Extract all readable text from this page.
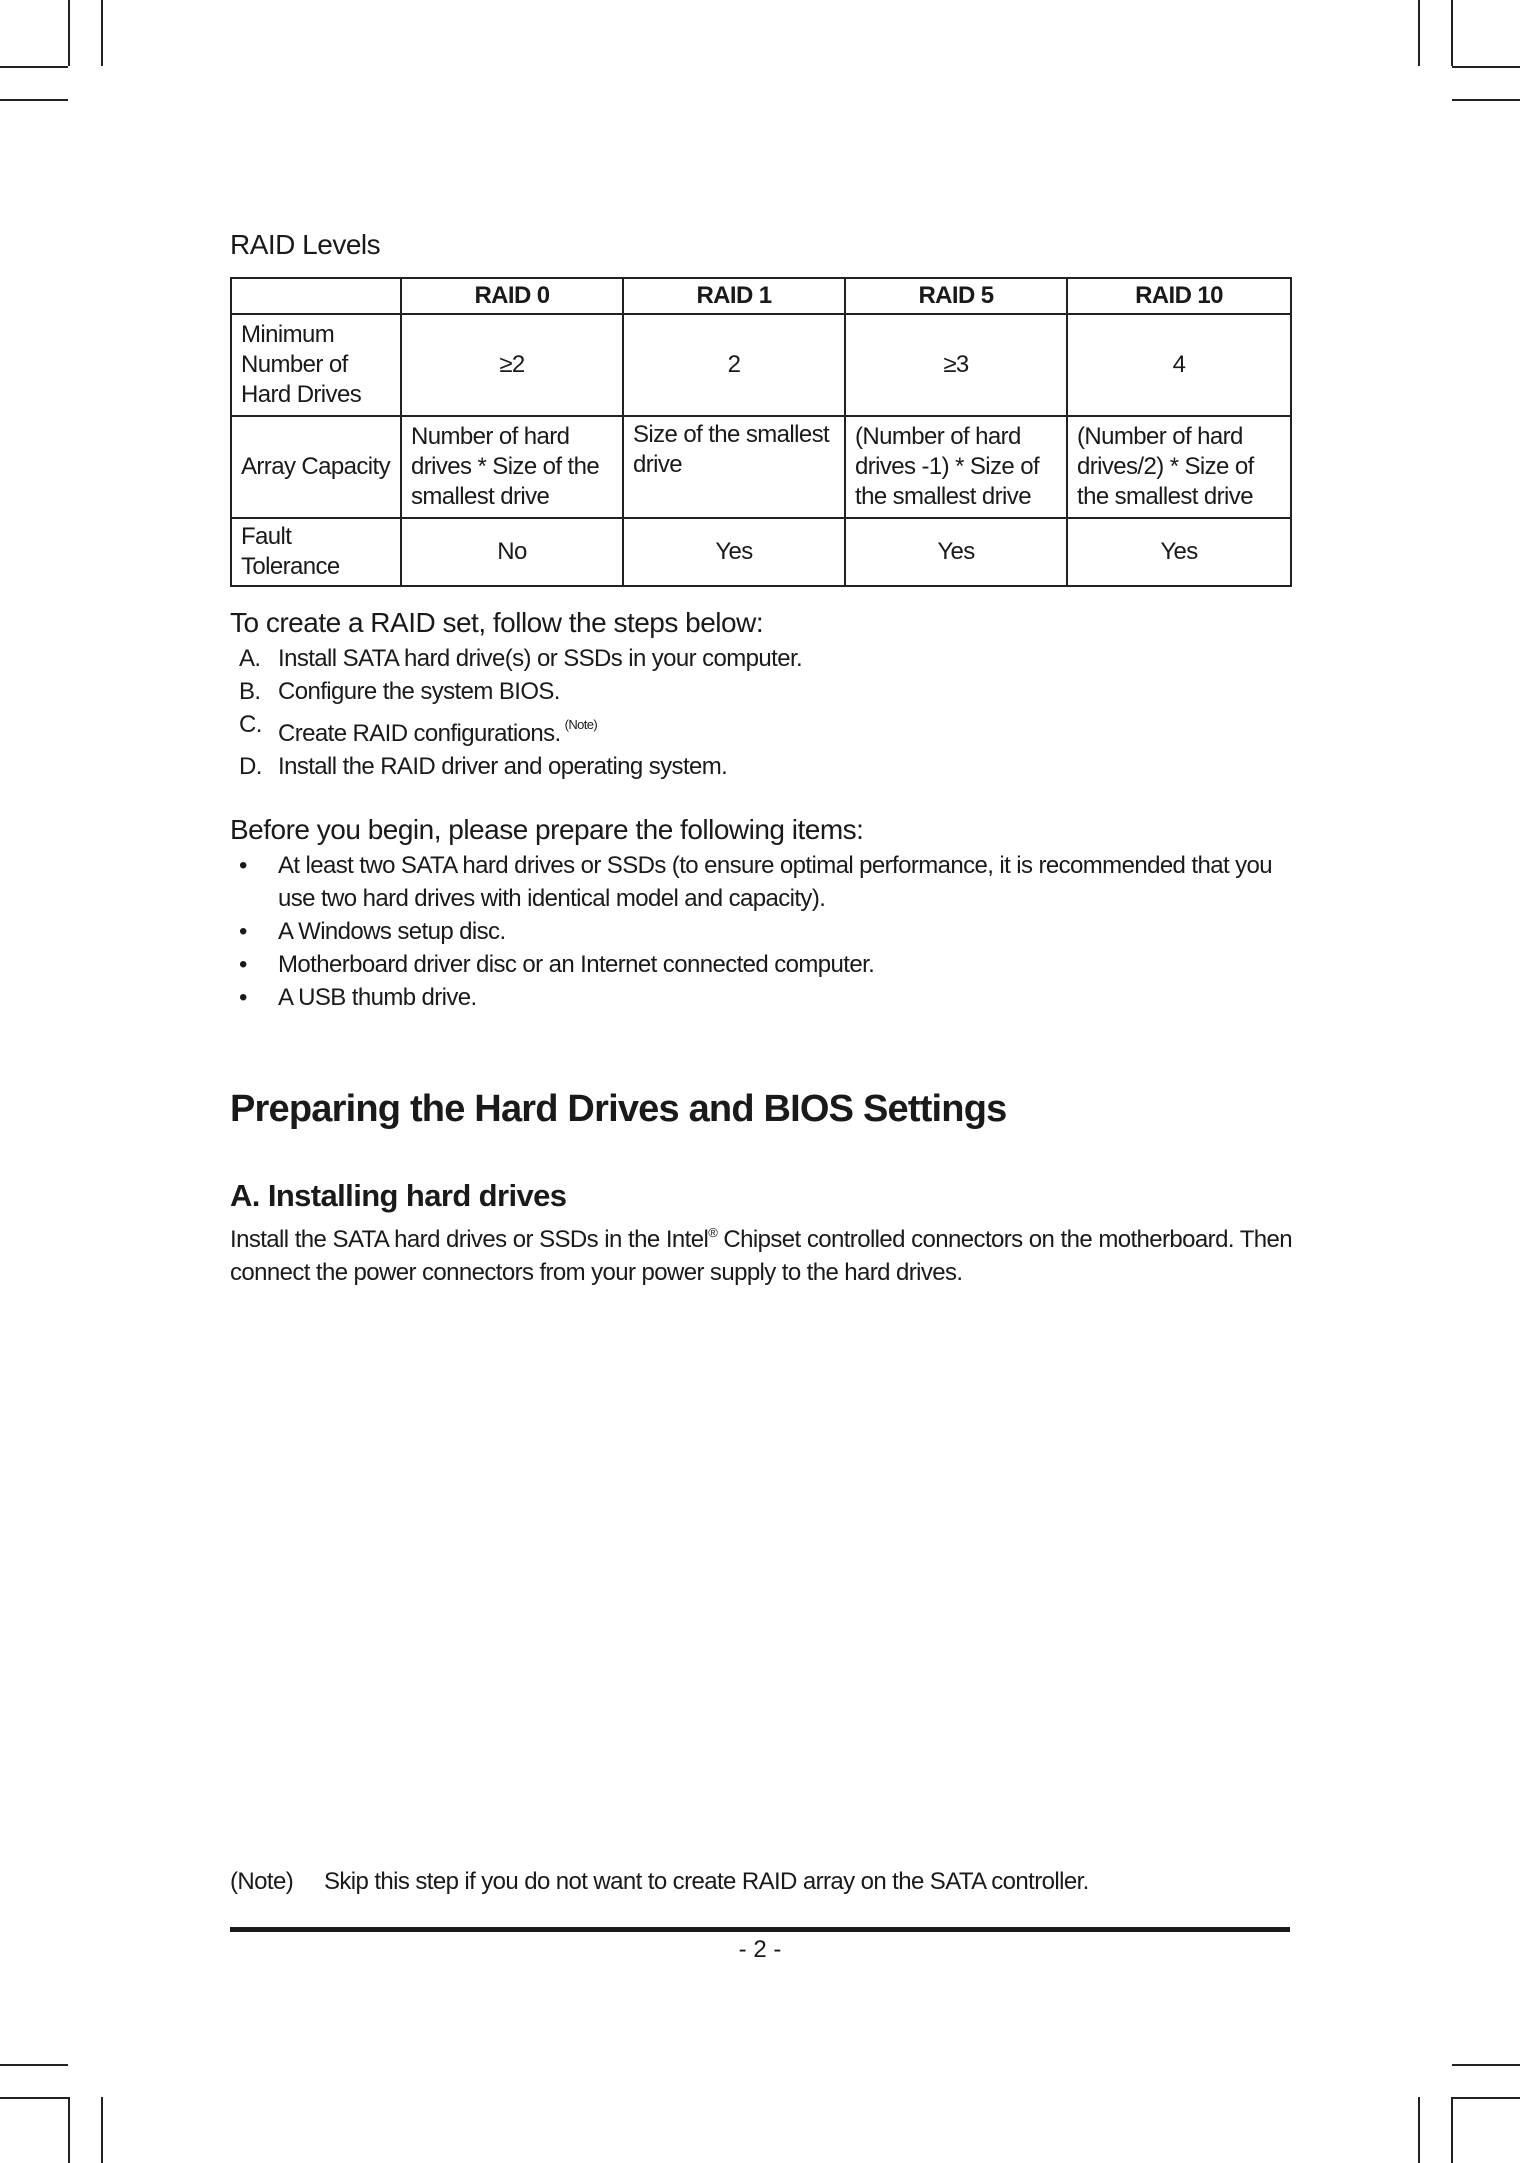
RAID Levels
	RAID 0	RAID 1	RAID 5	RAID 10
Minimum Number of Hard Drives	≥2	2	≥3	4
Array Capacity	Number of hard drives * Size of the smallest drive	Size of the smallest drive	(Number of hard drives -1) * Size of the smallest drive	(Number of hard drives/2) * Size of the smallest drive
Fault Tolerance	No	Yes	Yes	Yes
To create a RAID set, follow the steps below:
A. Install SATA hard drive(s) or SSDs in your computer.
B. Configure the system BIOS.
C. Create RAID configurations. $^{(Note)}$
D. Install the RAID driver and operating system.
Before you begin, please prepare the following items:
• At least two SATA hard drives or SSDs (to ensure optimal performance, it is recommended that you use two hard drives with identical model and capacity).
• A Windows setup disc.
• Motherboard driver disc or an Internet connected computer.
• A USB thumb drive.
Preparing the Hard Drives and BIOS Settings
A. Installing hard drives
Install the SATA hard drives or SSDs in the Intel® Chipset controlled connectors on the motherboard. Then connect the power connectors from your power supply to the hard drives.
(Note) Skip this step if you do not want to create RAID array on the SATA controller.
- 2 -
